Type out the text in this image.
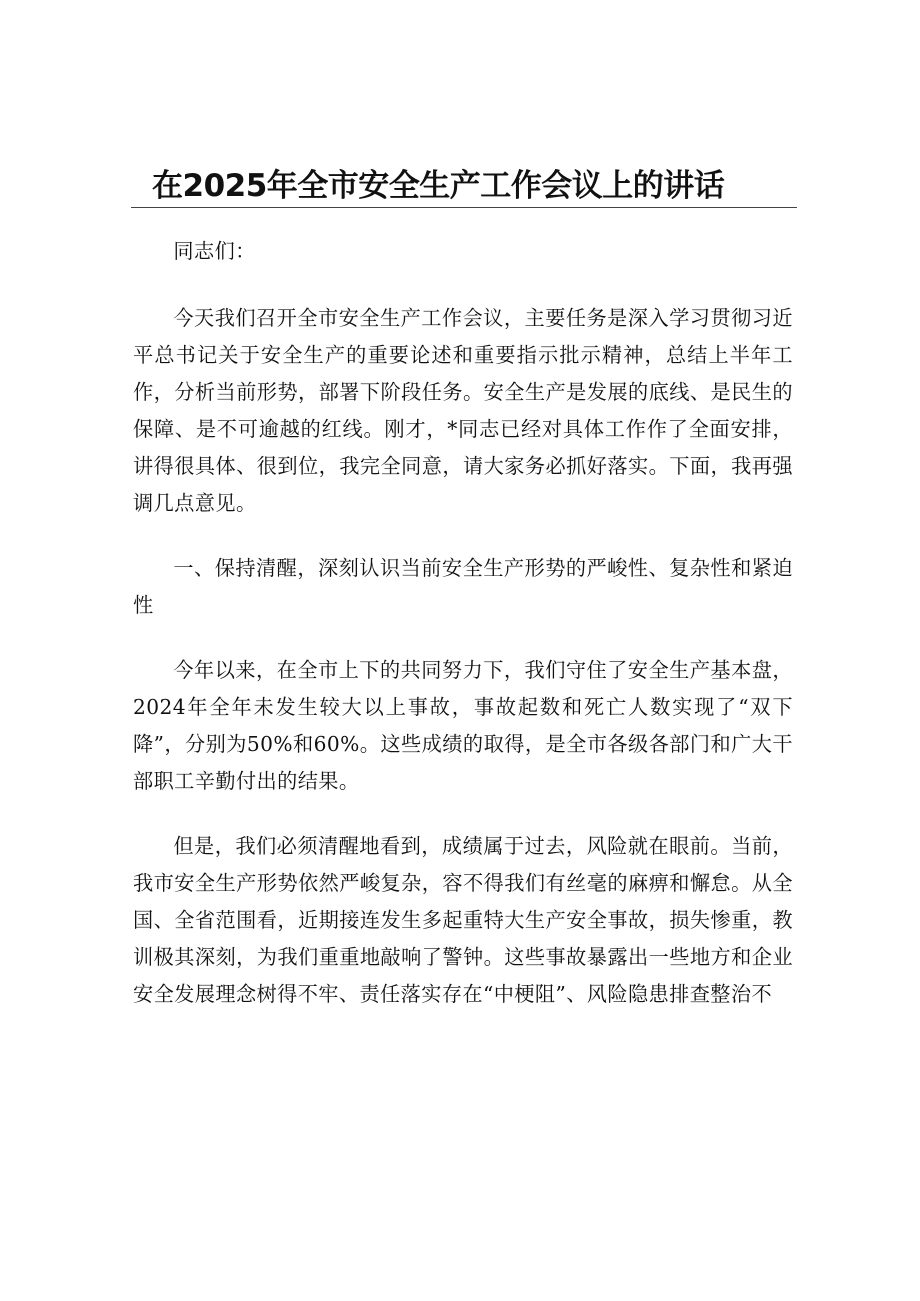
在2025年全市安全生产工作会议上的讲话

同志们：

今天我们召开全市安全生产工作会议，主要任务是深入学习贯彻习近平总书记关于安全生产的重要论述和重要指示批示精神，总结上半年工作，分析当前形势，部署下阶段任务。安全生产是发展的底线、是民生的保障、是不可逾越的红线。刚才，*同志已经对具体工作作了全面安排，讲得很具体、很到位，我完全同意，请大家务必抓好落实。下面，我再强调几点意见。

一、保持清醒，深刻认识当前安全生产形势的严峻性、复杂性和紧迫性

今年以来，在全市上下的共同努力下，我们守住了安全生产基本盘，2024年全年未发生较大以上事故，事故起数和死亡人数实现了“双下降”，分别为50%和60%。这些成绩的取得，是全市各级各部门和广大干部职工辛勤付出的结果。

但是，我们必须清醒地看到，成绩属于过去，风险就在眼前。当前，我市安全生产形势依然严峻复杂，容不得我们有丝毫的麻痹和懈怠。从全国、全省范围看，近期接连发生多起重特大生产安全事故，损失惨重，教训极其深刻，为我们重重地敲响了警钟。这些事故暴露出一些地方和企业安全发展理念树得不牢、责任落实存在“中梗阻”、风险隐患排查整治不
